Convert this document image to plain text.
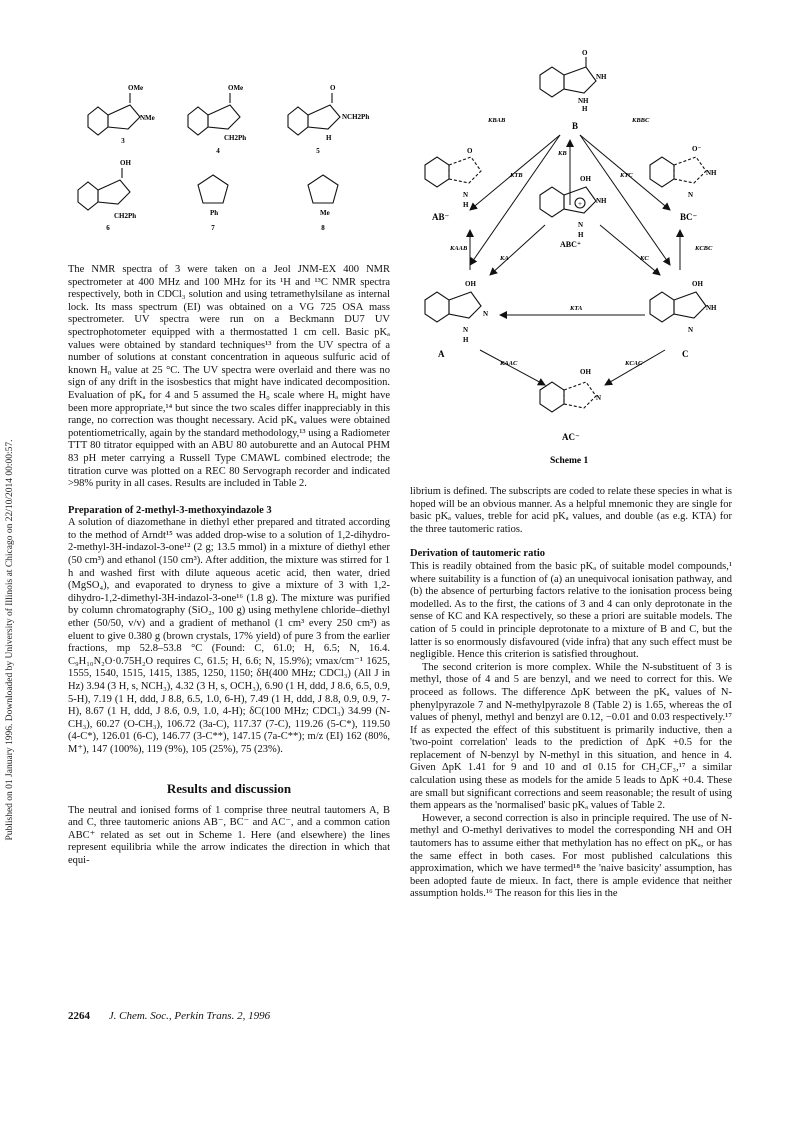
Published on 01 January 1996. Downloaded by University of Illinois at Chicago on 22/10/2014 00:00:57.
OMe
NMe
3
OMe
CH2Ph
4
O
NCH2Ph
H
5
OH
CH2Ph
6
Ph
7
Me
8

The NMR spectra of 3 were taken on a Jeol JNM-EX 400 NMR spectrometer at 400 MHz and 100 MHz for its ¹H and ¹³C NMR spectra respectively, both in CDCl₃ solution and using tetramethylsilane as internal lock. Its mass spectrum (EI) was obtained on a VG 725 OSA mass spectrometer. UV spectra were run on a Beckmann DU7 UV spectrophotometer equipped with a thermostatted 1 cm cell. Basic pKₐ values were obtained by standard techniques¹³ from the UV spectra of a number of solutions at constant concentration in aqueous sulfuric acid of known H₀ value at 25 °C. The UV spectra were overlaid and there was no sign of any drift in the isosbestics that might have indicated decomposition. Evaluation of pKₐ for 4 and 5 assumed the H₀ scale where Hₐ might have been more appropriate,¹⁴ but since the two scales differ inappreciably in this range, no correction was thought necessary. Acid pKₐ values were obtained potentiometrically, again by the standard methodology,¹³ using a Radiometer TTT 80 titrator equipped with an ABU 80 autoburette and an Autocal PHM 83 pH meter carrying a Russell Type CMAWL combined electrode; the titration curve was plotted on a REC 80 Servograph recorder and indicated >98% purity in all cases. Results are included in Table 2.

Preparation of 2-methyl-3-methoxyindazole 3

A solution of diazomethane in diethyl ether prepared and titrated according to the method of Arndt¹⁵ was added drop-wise to a solution of 1,2-dihydro-2-methyl-3H-indazol-3-one¹² (2 g; 13.5 mmol) in a mixture of diethyl ether (50 cm³) and ethanol (150 cm³). After addition, the mixture was stirred for 1 h and washed first with dilute aqueous acetic acid, then water, dried (MgSO₄), and evaporated to dryness to give a mixture of 3 with 1,2-dihydro-1,2-dimethyl-3H-indazol-3-one¹⁶ (1.8 g). The mixture was purified by column chromatography (SiO₂, 100 g) using methylene chloride–diethyl ether (50/50, v/v) and a gradient of methanol (1 cm³ every 250 cm³) as eluent to give 0.380 g (brown crystals, 17% yield) of pure 3 from the earlier fractions, mp 52.8–53.8 °C (Found: C, 61.0; H, 6.5; N, 16.4. C₉H₁₀N₂O·0.75H₂O requires C, 61.5; H, 6.6; N, 15.9%); νmax/cm⁻¹ 1625, 1555, 1540, 1515, 1415, 1385, 1250, 1150; δH(400 MHz; CDCl₃) (All J in Hz) 3.94 (3 H, s, NCH₃), 4.32 (3 H, s, OCH₃), 6.90 (1 H, ddd, J 8.6, 6.5, 0.9, 5-H), 7.19 (1 H, ddd, J 8.8, 6.5, 1.0, 6-H), 7.49 (1 H, ddd, J 8.8, 0.9, 0.9, 7-H), 8.67 (1 H, ddd, J 8.6, 0.9, 1.0, 4-H); δC(100 MHz; CDCl₃) 34.99 (N-CH₃), 60.27 (O-CH₃), 106.72 (3a-C), 117.37 (7-C), 119.26 (5-C*), 119.50 (4-C*), 126.01 (6-C), 146.77 (3-C**), 147.15 (7a-C**); m/z (EI) 162 (80%, M⁺), 147 (100%), 119 (9%), 105 (25%), 75 (23%).

Results and discussion

The neutral and ionised forms of 1 comprise three neutral tautomers A, B and C, three tautomeric anions AB⁻, BC⁻ and AC⁻, and a common cation ABC⁺ related as set out in Scheme 1. Here (and elsewhere) the lines represent equilibria while the arrow indicates the direction in which that equi-

O
NH
NH
H
B
O
N
H
AB⁻
O⁻
NH
N
BC⁻
+
OH
NH
N
H
ABC⁺
OH
N
N
H
A
OH
NH
N
C
OH
N
AC⁻
KBAB	KBBC
KB
KTB	KTC
KAAB	KCBC
KA	KC
KTA
KAAC	KCAC
Scheme 1

librium is defined. The subscripts are coded to relate these species in what is hoped will be an obvious manner. As a helpful mnemonic they are single for basic pKₐ values, treble for acid pKₐ values, and double (as e.g. KTA) for the three tautomeric ratios.

Derivation of tautomeric ratio

This is readily obtained from the basic pKₐ of suitable model compounds,¹ where suitability is a function of (a) an unequivocal ionisation pathway, and (b) the absence of perturbing factors relative to the ionisation process being modelled. As to the first, the cations of 3 and 4 can only deprotonate in the sense of KC and KA respectively, so these a priori are suitable models. The cation of 5 could in principle deprotonate to a mixture of B and C, but the latter is so enormously disfavoured (vide infra) that any such effect must be negligible. Hence this criterion is satisfied throughout.

The second criterion is more complex. While the N-substituent of 3 is methyl, those of 4 and 5 are benzyl, and we need to correct for this. We proceed as follows. The difference ΔpK between the pKₐ values of N-phenylpyrazole 7 and N-methylpyrazole 8 (Table 2) is 1.65, whereas the σI values of phenyl, methyl and benzyl are 0.12, −0.01 and 0.03 respectively.¹⁷ If as expected the effect of this substituent is primarily inductive, then a 'two-point correlation' leads to the prediction of ΔpK +0.5 for the replacement of N-benzyl by N-methyl in this situation, and hence in 4. Given ΔpK 1.41 for 9 and 10 and σI 0.15 for CH₂CF₃,¹⁷ a similar calculation using these as models for the amide 5 leads to ΔpK +0.4. These are small but significant corrections and seem reasonable; the result of using them appears as the 'normalised' basic pKₐ values of Table 2.

However, a second correction is also in principle required. The use of N-methyl and O-methyl derivatives to model the corresponding NH and OH tautomers has to assume either that methylation has no effect on pKₐ, or has the same effect in both cases. For most published calculations this approximation, which we have termed¹⁸ the 'naive basicity' assumption, has been adopted faute de mieux. In fact, there is ample evidence that neither assumption holds.¹⁶ The reason for this lies in the

2264 J. Chem. Soc., Perkin Trans. 2, 1996
